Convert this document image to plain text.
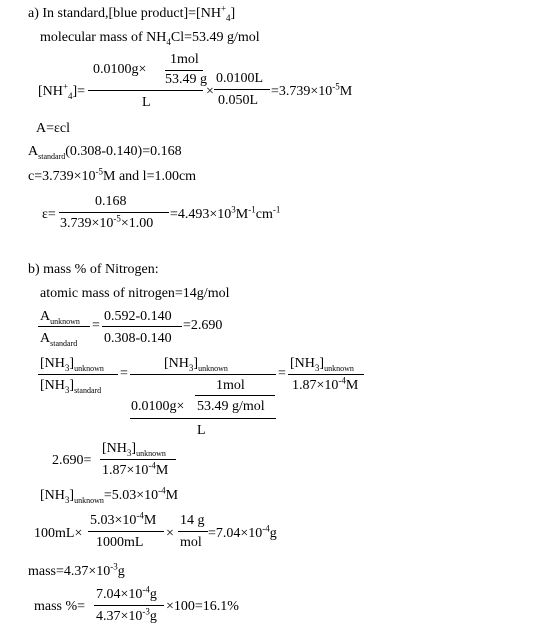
a) In standard,[blue $product]=[NH^+_4]$
molecular mass of $NH_4Cl=53.49$ g/mol
$[NH^+_4]=$
0.0100g×
1mol
53.49 g
L
×
0.0100L
0.050L
$=3.739\times 10^{-5}M$
A=εcl
$A_{standard}(0.308-0.140)=0.168$
$c=3.739\times 10^{-5}M$ and l=1.00cm
ε=
0.168
$3.739\times 10^{-5}\times 1.00$
$=4.493\times 10^3M^{-1}cm^{-1}$
b) mass % of Nitrogen:
atomic mass of nitrogen=14g/mol
$A_{unknown}$
$A_{standard}$
=
0.592-0.140
0.308-0.140
=2.690
$[NH_3]_{unknown}$
$[NH_3]_{standard}$
=
$[NH_3]_{unknown}$
0.0100g×
1mol
53.49 g/mol
L
=
$[NH_3]_{unknown}$
$1.87\times 10^{-4}M$
2.690=
$[NH_3]_{unknown}$
$1.87\times 10^{-4}M$
$[NH_3]_{unknown}=5.03\times 10^{-4}M$
100mL×
$5.03\times 10^{-4}M$
1000mL
×
14 g
mol
$=7.04\times 10^{-4}g$
$mass=4.37\times 10^{-3}g$
mass %=
$7.04\times 10^{-4}g$
$4.37\times 10^{-3}g$
×100=16.1%
